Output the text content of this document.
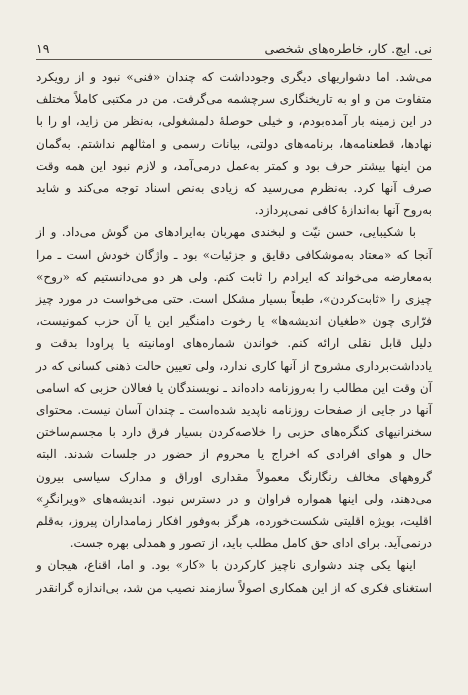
نی. ایچ. کار، خاطره‌های شخصی
۱۹

می‌شد. اما دشواریهای دیگری وجودداشت که چندان «فنی» نبود و از رویکرد متفاوت من و او به تاریخنگاری سرچشمه می‌گرفت. من در مکتبی کاملاً مختلف در این زمینه بار آمده‌بودم، و خیلی حوصلهٔ دلمشغولی، به‌نظر من زاید، او را با نهادها، قطعنامه‌ها، برنامه‌های دولتی، بیانات رسمی و امثالهم نداشتم. به‌گمان من اینها بیشتر حرف بود و کمتر به‌عمل درمی‌آمد، و لازم نبود این همه وقت صرف آنها کرد. به‌نظرم می‌رسید که زیادی به‌نص اسناد توجه می‌کند و شاید به‌روح آنها به‌اندازهٔ کافی نمی‌پردازد.

با شکیبایی، حسن نیّت و لبخندی مهربان به‌ایرادهای من گوش می‌داد. و از آنجا که «معتاد به‌موشکافی دقایق و جزئیات» بود ـ واژگان خودش است ـ مرا به‌معارضه می‌خواند که ایرادم را ثابت کنم. ولی هر دو می‌دانستیم که «روح» چیزی را «ثابت‌کردن»، طبعاً بسیار مشکل است. حتی می‌خواست در مورد چیز فرّاری چون «طغیان اندیشه‌ها» یا رخوت دامنگیر این یا آن حزب کمونیست، دلیل قابل نقلی ارائه کنم. خواندن شماره‌های اومانیته یا پراودا بدقت و یادداشت‌برداری مشروح از آنها کاری ندارد، ولی تعیین حالت ذهنی کسانی که در آن وقت این مطالب را به‌روزنامه داده‌اند ـ نویسندگان یا فعالان حزبی که اسامی آنها در جایی از صفحات روزنامه ناپدید شده‌است ـ چندان آسان نیست. محتوای سخنرانیهای کنگره‌های حزبی را خلاصه‌کردن بسیار فرق دارد با مجسم‌ساختن حال و هوای افرادی که اخراج یا محروم از حضور در جلسات شدند. البته گروههای مخالف رنگارنگ معمولاً مقداری اوراق و مدارک سیاسی بیرون می‌دهند، ولی اینها همواره فراوان و در دسترس نبود. اندیشه‌های «ویرانگرِ» اقلیت، بویژه اقلیتی شکست‌خورده، هرگز به‌وفور افکار زمامداران پیروز، به‌قلم درنمی‌آید. برای ادای حق کامل مطلب باید، از تصور و همدلی بهره جست.

اینها یکی چند دشواری ناچیز کارکردن با «کار» بود. و اما، اقناع، هیجان و استغنای فکری که از این همکاری اصولاً سازمند نصیب من شد، بی‌اندازه گرانقدر
